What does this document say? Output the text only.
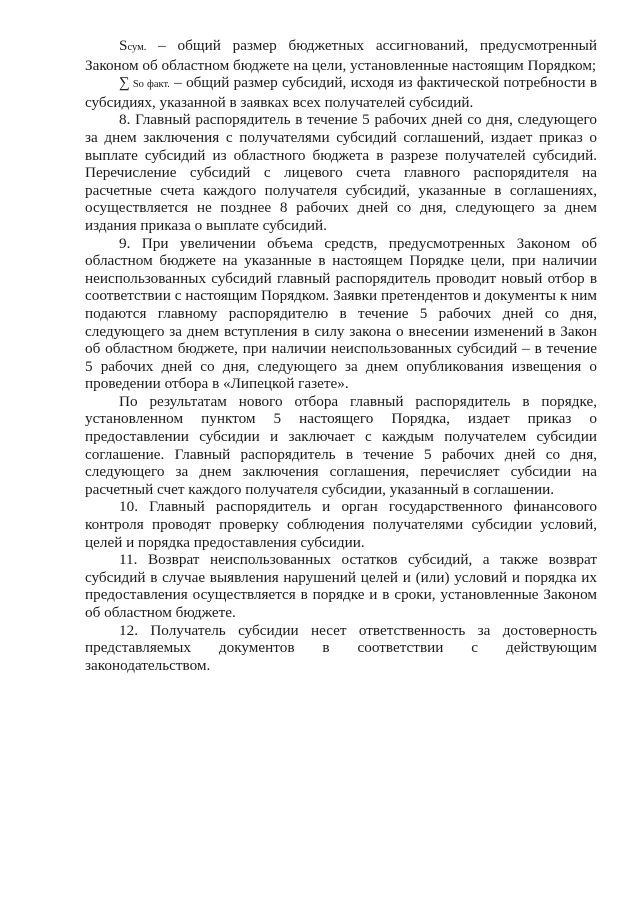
Sсум. – общий размер бюджетных ассигнований, предусмотренный Законом об областном бюджете на цели, установленные настоящим Порядком;

∑ Sо факт. – общий размер субсидий, исходя из фактической потребности в субсидиях, указанной в заявках всех получателей субсидий.

8. Главный распорядитель в течение 5 рабочих дней со дня, следующего за днем заключения с получателями субсидий соглашений, издает приказ о выплате субсидий из областного бюджета в разрезе получателей субсидий. Перечисление субсидий с лицевого счета главного распорядителя на расчетные счета каждого получателя субсидий, указанные в соглашениях, осуществляется не позднее 8 рабочих дней со дня, следующего за днем издания приказа о выплате субсидий.

9. При увеличении объема средств, предусмотренных Законом об областном бюджете на указанные в настоящем Порядке цели, при наличии неиспользованных субсидий главный распорядитель проводит новый отбор в соответствии с настоящим Порядком. Заявки претендентов и документы к ним подаются главному распорядителю в течение 5 рабочих дней со дня, следующего за днем вступления в силу закона о внесении изменений в Закон об областном бюджете, при наличии неиспользованных субсидий – в течение 5 рабочих дней со дня, следующего за днем опубликования извещения о проведении отбора в «Липецкой газете».

По результатам нового отбора главный распорядитель в порядке, установленном пунктом 5 настоящего Порядка, издает приказ о предоставлении субсидии и заключает с каждым получателем субсидии соглашение. Главный распорядитель в течение 5 рабочих дней со дня, следующего за днем заключения соглашения, перечисляет субсидии на расчетный счет каждого получателя субсидии, указанный в соглашении.

10. Главный распорядитель и орган государственного финансового контроля проводят проверку соблюдения получателями субсидии условий, целей и порядка предоставления субсидии.

11. Возврат неиспользованных остатков субсидий, а также возврат субсидий в случае выявления нарушений целей и (или) условий и порядка их предоставления осуществляется в порядке и в сроки, установленные Законом об областном бюджете.

12. Получатель субсидии несет ответственность за достоверность представляемых документов в соответствии с действующим законодательством.
